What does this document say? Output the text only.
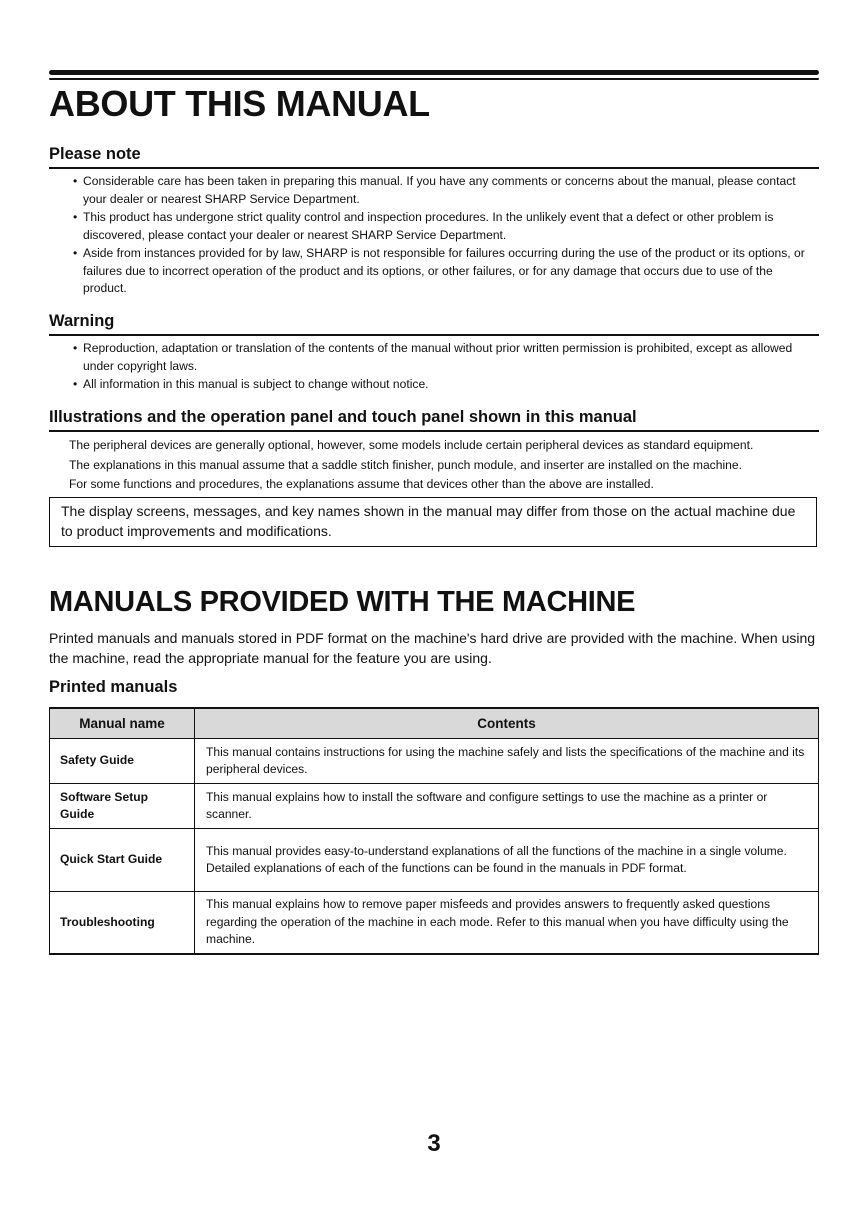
ABOUT THIS MANUAL
Please note
• Considerable care has been taken in preparing this manual. If you have any comments or concerns about the manual, please contact your dealer or nearest SHARP Service Department.
• This product has undergone strict quality control and inspection procedures. In the unlikely event that a defect or other problem is discovered, please contact your dealer or nearest SHARP Service Department.
• Aside from instances provided for by law, SHARP is not responsible for failures occurring during the use of the product or its options, or failures due to incorrect operation of the product and its options, or other failures, or for any damage that occurs due to use of the product.
Warning
• Reproduction, adaptation or translation of the contents of the manual without prior written permission is prohibited, except as allowed under copyright laws.
• All information in this manual is subject to change without notice.
Illustrations and the operation panel and touch panel shown in this manual

The peripheral devices are generally optional, however, some models include certain peripheral devices as standard equipment.

The explanations in this manual assume that a saddle stitch finisher, punch module, and inserter are installed on the machine.

For some functions and procedures, the explanations assume that devices other than the above are installed.

The display screens, messages, and key names shown in the manual may differ from those on the actual machine due to product improvements and modifications.
MANUALS PROVIDED WITH THE MACHINE

Printed manuals and manuals stored in PDF format on the machine's hard drive are provided with the machine. When using the machine, read the appropriate manual for the feature you are using.

Printed manuals
Manual name	Contents
Safety Guide	This manual contains instructions for using the machine safely and lists the specifications of the machine and its peripheral devices.

Software Setup Guide	This manual explains how to install the software and configure settings to use the machine as a printer or scanner.

Quick Start Guide	This manual provides easy-to-understand explanations of all the functions of the machine in a single volume.
Detailed explanations of each of the functions can be found in the manuals in PDF format.

Troubleshooting	This manual explains how to remove paper misfeeds and provides answers to frequently asked questions regarding the operation of the machine in each mode. Refer to this manual when you have difficulty using the machine.
3
